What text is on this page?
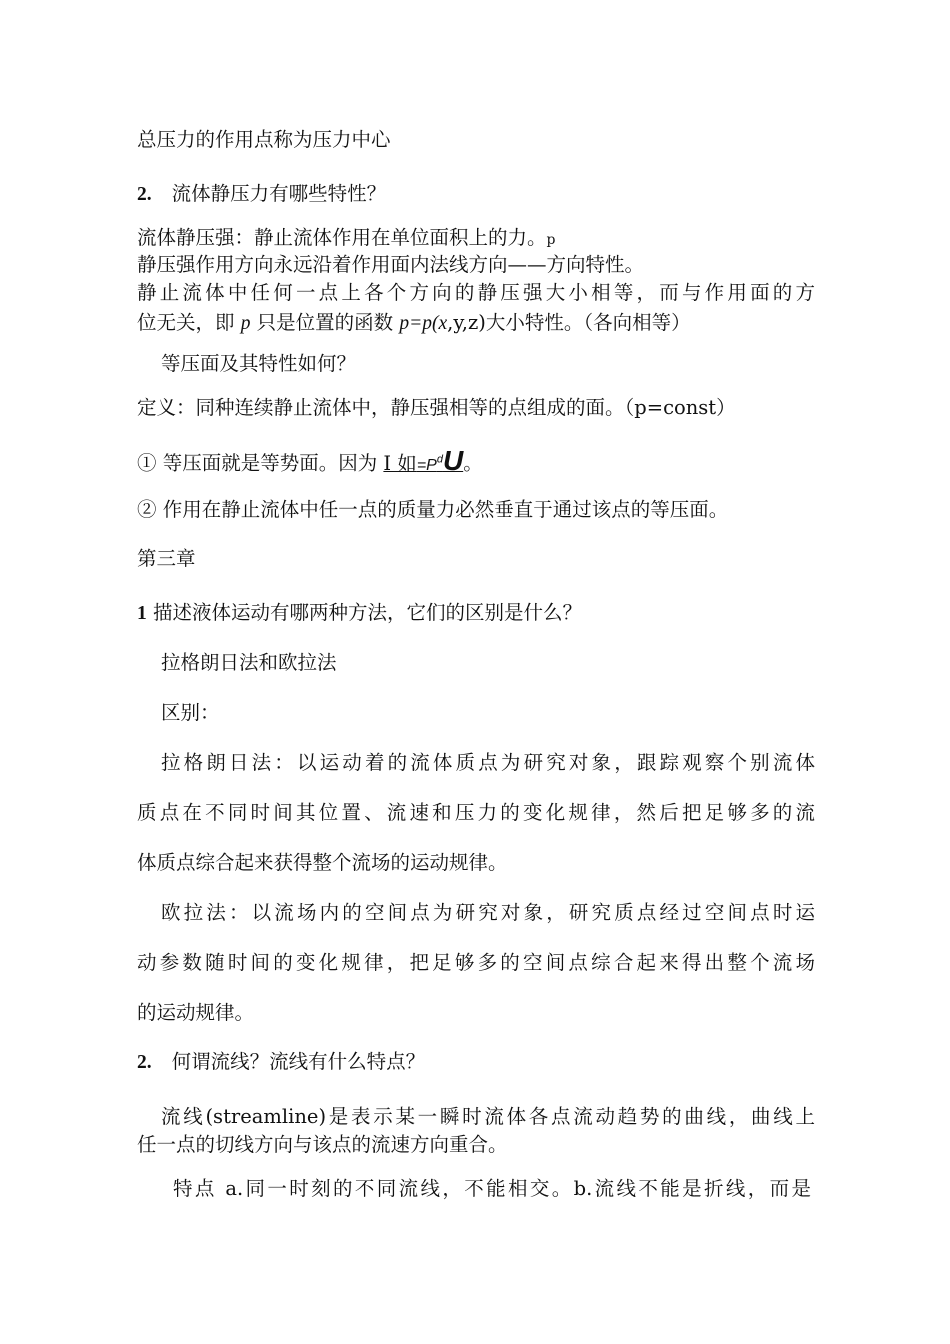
总压力的作用点称为压力中心
2. 流体静压力有哪些特性？
流体静压强：静止流体作用在单位面积上的力。p
静压强作用方向永远沿着作用面内法线方向——方向特性。
静止流体中任何一点上各个方向的静压强大小相等，而与作用面的方
位无关，即 p 只是位置的函数 p=p(x,y,z)大小特性。（各向相等）
等压面及其特性如何？
定义：同种连续静止流体中，静压强相等的点组成的面。（p=const）
① 等压面就是等势面。因为 I 如$=P^dU$。
② 作用在静止流体中任一点的质量力必然垂直于通过该点的等压面。
第三章
1 描述液体运动有哪两种方法，它们的区别是什么？
拉格朗日法和欧拉法
区别：
拉格朗日法：以运动着的流体质点为研究对象，跟踪观察个别流体
质点在不同时间其位置、流速和压力的变化规律，然后把足够多的流
体质点综合起来获得整个流场的运动规律。
欧拉法：以流场内的空间点为研究对象，研究质点经过空间点时运
动参数随时间的变化规律，把足够多的空间点综合起来得出整个流场
的运动规律。
2. 何谓流线？流线有什么特点？
流线(streamline)是表示某一瞬时流体各点流动趋势的曲线，曲线上
任一点的切线方向与该点的流速方向重合。
特点 a.同一时刻的不同流线，不能相交。b.流线不能是折线，而是
